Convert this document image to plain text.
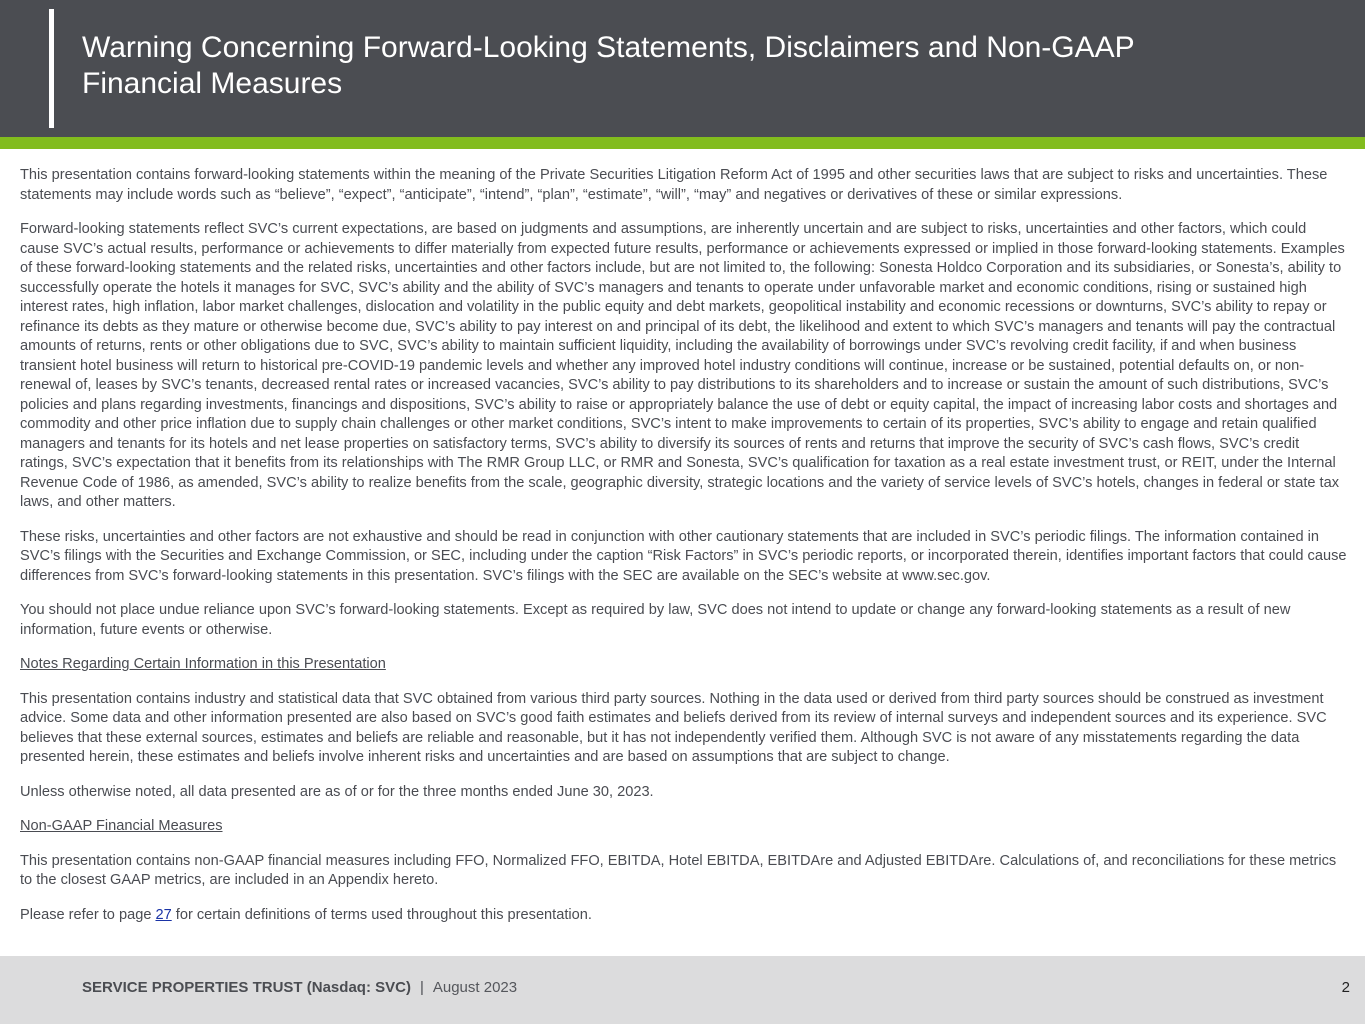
Warning Concerning Forward-Looking Statements, Disclaimers and Non-GAAP Financial Measures

This presentation contains forward-looking statements within the meaning of the Private Securities Litigation Reform Act of 1995 and other securities laws that are subject to risks and uncertainties. These statements may include words such as “believe”, “expect”, “anticipate”, “intend”, “plan”, “estimate”, “will”, “may” and negatives or derivatives of these or similar expressions.

Forward-looking statements reflect SVC’s current expectations, are based on judgments and assumptions, are inherently uncertain and are subject to risks, uncertainties and other factors, which could cause SVC’s actual results, performance or achievements to differ materially from expected future results, performance or achievements expressed or implied in those forward-looking statements. Examples of these forward-looking statements and the related risks, uncertainties and other factors include, but are not limited to, the following: Sonesta Holdco Corporation and its subsidiaries, or Sonesta’s, ability to successfully operate the hotels it manages for SVC, SVC’s ability and the ability of SVC’s managers and tenants to operate under unfavorable market and economic conditions, rising or sustained high interest rates, high inflation, labor market challenges, dislocation and volatility in the public equity and debt markets, geopolitical instability and economic recessions or downturns, SVC’s ability to repay or refinance its debts as they mature or otherwise become due, SVC’s ability to pay interest on and principal of its debt, the likelihood and extent to which SVC’s managers and tenants will pay the contractual amounts of returns, rents or other obligations due to SVC, SVC’s ability to maintain sufficient liquidity, including the availability of borrowings under SVC’s revolving credit facility, if and when business transient hotel business will return to historical pre-COVID-19 pandemic levels and whether any improved hotel industry conditions will continue, increase or be sustained, potential defaults on, or non-renewal of, leases by SVC’s tenants, decreased rental rates or increased vacancies, SVC’s ability to pay distributions to its shareholders and to increase or sustain the amount of such distributions, SVC’s policies and plans regarding investments, financings and dispositions, SVC’s ability to raise or appropriately balance the use of debt or equity capital, the impact of increasing labor costs and shortages and commodity and other price inflation due to supply chain challenges or other market conditions, SVC’s intent to make improvements to certain of its properties, SVC’s ability to engage and retain qualified managers and tenants for its hotels and net lease properties on satisfactory terms, SVC’s ability to diversify its sources of rents and returns that improve the security of SVC’s cash flows, SVC’s credit ratings, SVC’s expectation that it benefits from its relationships with The RMR Group LLC, or RMR and Sonesta, SVC’s qualification for taxation as a real estate investment trust, or REIT, under the Internal Revenue Code of 1986, as amended, SVC’s ability to realize benefits from the scale, geographic diversity, strategic locations and the variety of service levels of SVC’s hotels, changes in federal or state tax laws, and other matters.

These risks, uncertainties and other factors are not exhaustive and should be read in conjunction with other cautionary statements that are included in SVC’s periodic filings. The information contained in SVC’s filings with the Securities and Exchange Commission, or SEC, including under the caption “Risk Factors” in SVC’s periodic reports, or incorporated therein, identifies important factors that could cause differences from SVC’s forward-looking statements in this presentation. SVC’s filings with the SEC are available on the SEC’s website at www.sec.gov.

You should not place undue reliance upon SVC’s forward-looking statements. Except as required by law, SVC does not intend to update or change any forward-looking statements as a result of new information, future events or otherwise.

Notes Regarding Certain Information in this Presentation

This presentation contains industry and statistical data that SVC obtained from various third party sources. Nothing in the data used or derived from third party sources should be construed as investment advice. Some data and other information presented are also based on SVC’s good faith estimates and beliefs derived from its review of internal surveys and independent sources and its experience. SVC believes that these external sources, estimates and beliefs are reliable and reasonable, but it has not independently verified them. Although SVC is not aware of any misstatements regarding the data presented herein, these estimates and beliefs involve inherent risks and uncertainties and are based on assumptions that are subject to change.

Unless otherwise noted, all data presented are as of or for the three months ended June 30, 2023.

Non-GAAP Financial Measures

This presentation contains non-GAAP financial measures including FFO, Normalized FFO, EBITDA, Hotel EBITDA, EBITDAre and Adjusted EBITDAre. Calculations of, and reconciliations for these metrics to the closest GAAP metrics, are included in an Appendix hereto.

Please refer to page 27 for certain definitions of terms used throughout this presentation.

SERVICE PROPERTIES TRUST (Nasdaq: SVC) | August 2023	2
